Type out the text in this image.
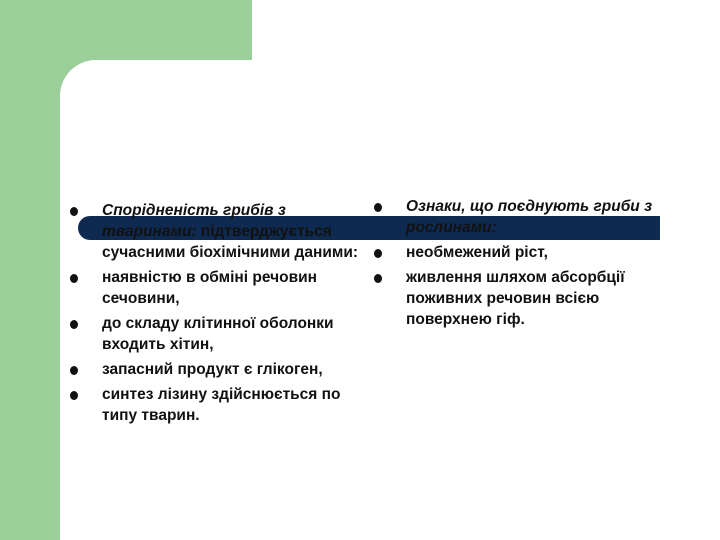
Спорідненість грибів з тваринами: підтверджується сучасними біохімічними даними:
наявністю в обміні речовин сечовини,
до складу клітинної оболонки входить хітин,
запасний продукт є глікоген,
синтез лізину здійснюється по типу тварин.
Ознаки, що поєднують гриби з рослинами:
необмежений ріст,
живлення шляхом абсорбції поживних речовин всією поверхнею гіф.
